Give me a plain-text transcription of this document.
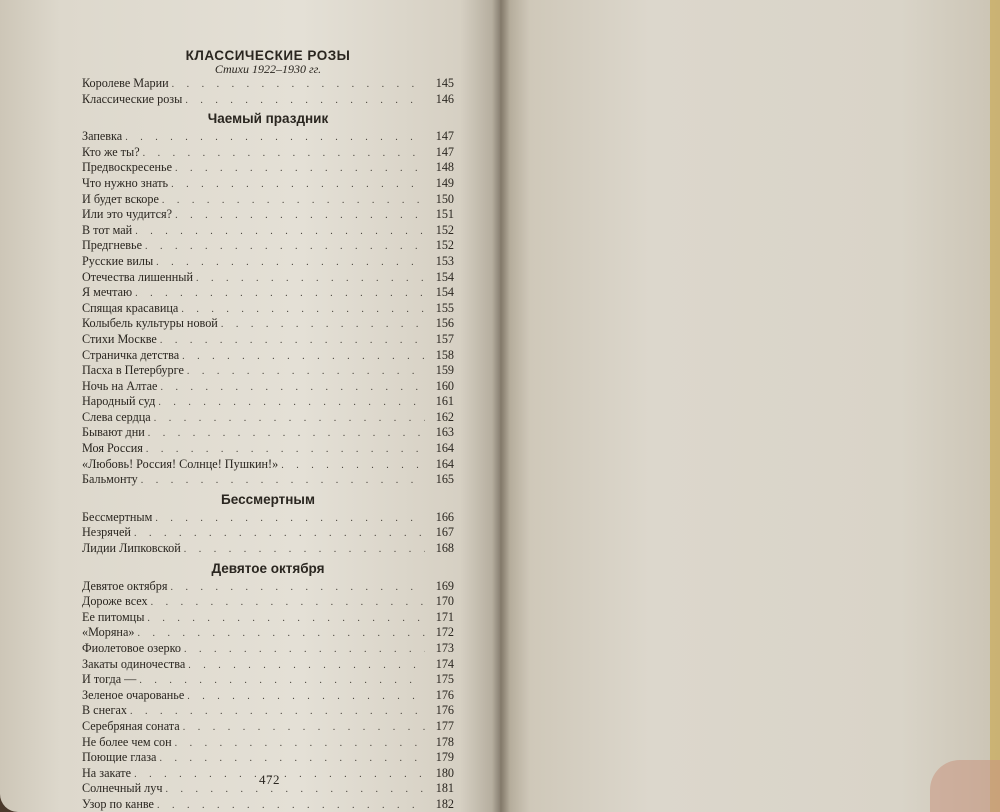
КЛАССИЧЕСКИЕ РОЗЫ
Стихи 1922–1930 гг.
Королеве Марии . . .	145
Классические розы . . .	146
Чаемый праздник
Запевка . . .	147
Кто же ты? . . .	147
Предвоскресенье . . .	148
Что нужно знать . . .	149
И будет вскоре . . .	150
Или это чудится? . . .	151
В тот май . . .	152
Предгневье . . .	152
Русские вилы . . .	153
Отечества лишенный . . .	154
Я мечтаю . . .	154
Спящая красавица . . .	155
Колыбель культуры новой . . .	156
Стихи Москве . . .	157
Страничка детства . . .	158
Пасха в Петербурге . . .	159
Ночь на Алтае . . .	160
Народный суд . . .	161
Слева сердца . . .	162
Бывают дни . . .	163
Моя Россия . . .	164
«Любовь! Россия! Солнце! Пушкин!» . . .	164
Бальмонту . . .	165
Бессмертным
Бессмертным . . .	166
Незрячей . . .	167
Лидии Липковской . . .	168
Девятое октября
Девятое октября . . .	169
Дороже всех . . .	170
Ее питомцы . . .	171
«Моряна» . . .	172
Фиолетовое озерко . . .	173
Закаты одиночества . . .	174
И тогда — . . .	175
Зеленое очарованье . . .	176
В снегах . . .	176
Серебряная соната . . .	177
Не более чем сон . . .	178
Поющие глаза . . .	179
На закате . . .	180
Солнечный луч . . .	181
Узор по канве . . .	182
472
